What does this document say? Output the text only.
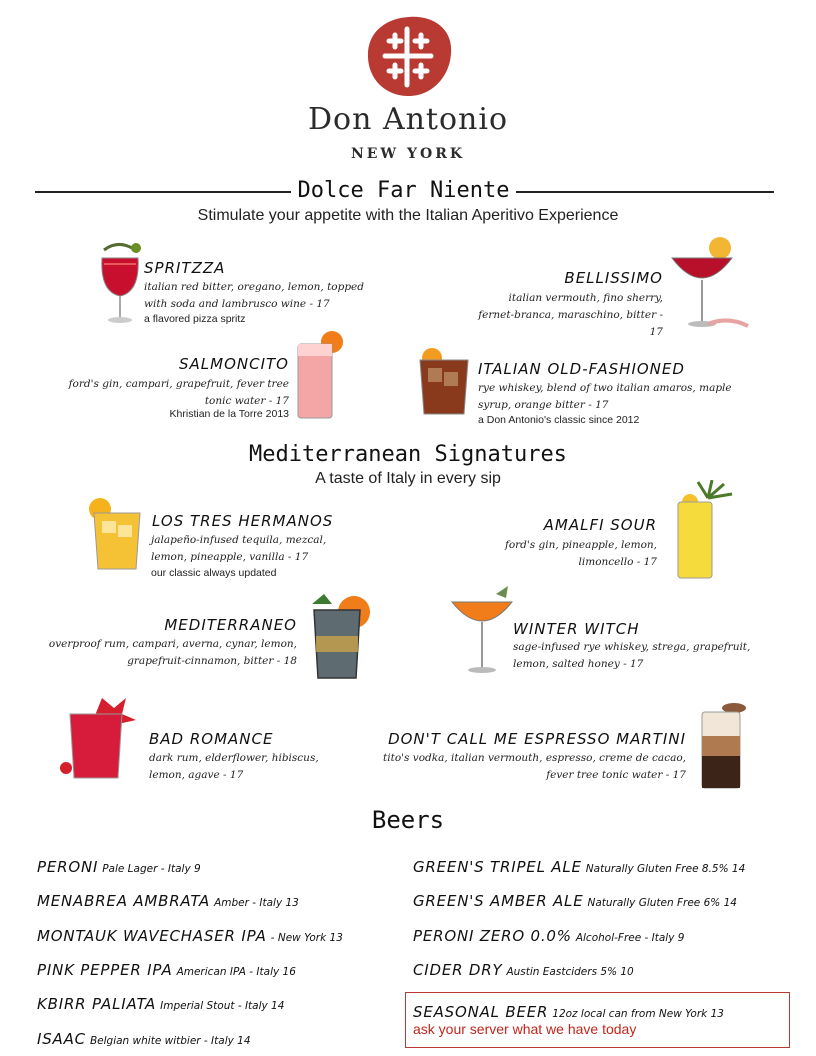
Don Antonio
NEW YORK
Dolce Far Niente
Stimulate your appetite with the Italian Aperitivo Experience
SPRITZZA
italian red bitter, oregano, lemon, topped with soda and lambrusco wine - 17
a flavored pizza spritz
BELLISSIMO
italian vermouth, fino sherry, fernet-branca, maraschino, bitter - 17
SALMONCITO
ford's gin, campari, grapefruit, fever tree tonic water - 17
Khristian de la Torre 2013
ITALIAN OLD-FASHIONED
rye whiskey, blend of two italian amaros, maple syrup, orange bitter - 17
a Don Antonio's classic since 2012
Mediterranean Signatures
A taste of Italy in every sip
LOS TRES HERMANOS
jalapeño-infused tequila, mezcal, lemon, pineapple, vanilla - 17
our classic always updated
AMALFI SOUR
ford's gin, pineapple, lemon, limoncello - 17
MEDITERRANEO
overproof rum, campari, averna, cynar, lemon, grapefruit-cinnamon, bitter - 18
WINTER WITCH
sage-infused rye whiskey, strega, grapefruit, lemon, salted honey - 17
BAD ROMANCE
dark rum, elderflower, hibiscus, lemon, agave - 17
DON'T CALL ME ESPRESSO MARTINI
tito's vodka, italian vermouth, espresso, creme de cacao, fever tree tonic water - 17
Beers
PERONI Pale Lager - Italy 9
MENABREA AMBRATA Amber - Italy 13
MONTAUK WAVECHASER IPA - New York 13
PINK PEPPER IPA American IPA - Italy 16
KBIRR PALIATA Imperial Stout - Italy 14
ISAAC Belgian white witbier - Italy 14
GREEN'S TRIPEL ALE Naturally Gluten Free 8.5% 14
GREEN'S AMBER ALE Naturally Gluten Free 6% 14
PERONI ZERO 0.0% Alcohol-Free - Italy 9
CIDER DRY Austin Eastciders 5% 10
SEASONAL BEER 12oz local can from New York 13
ask your server what we have today
